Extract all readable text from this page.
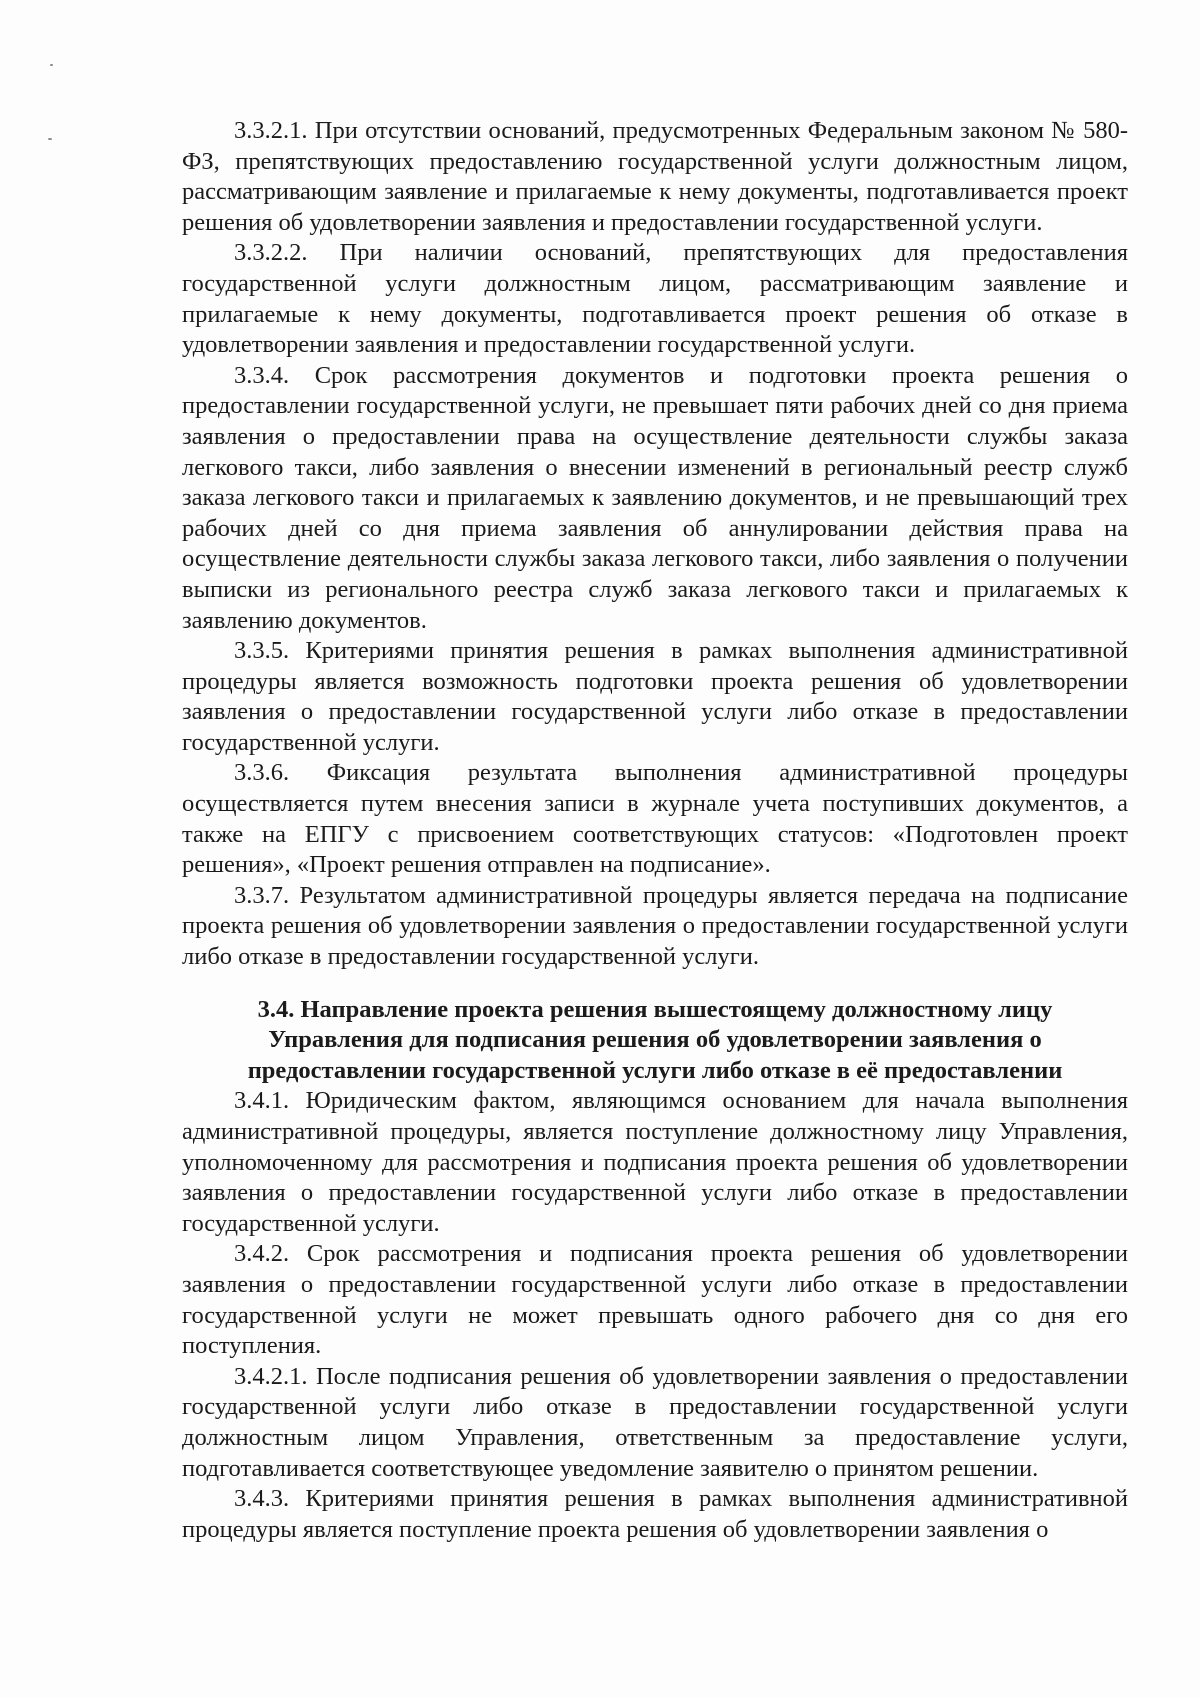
3.3.2.1. При отсутствии оснований, предусмотренных Федеральным законом № 580-ФЗ, препятствующих предоставлению государственной услуги должностным лицом, рассматривающим заявление и прилагаемые к нему документы, подготавливается проект решения об удовлетворении заявления и предоставлении государственной услуги.

3.3.2.2. При наличии оснований, препятствующих для предоставления государственной услуги должностным лицом, рассматривающим заявление и прилагаемые к нему документы, подготавливается проект решения об отказе в удовлетворении заявления и предоставлении государственной услуги.

3.3.4. Срок рассмотрения документов и подготовки проекта решения о предоставлении государственной услуги, не превышает пяти рабочих дней со дня приема заявления о предоставлении права на осуществление деятельности службы заказа легкового такси, либо заявления о внесении изменений в региональный реестр служб заказа легкового такси и прилагаемых к заявлению документов, и не превышающий трех рабочих дней со дня приема заявления об аннулировании действия права на осуществление деятельности службы заказа легкового такси, либо заявления о получении выписки из регионального реестра служб заказа легкового такси и прилагаемых к заявлению документов.

3.3.5. Критериями принятия решения в рамках выполнения административной процедуры является возможность подготовки проекта решения об удовлетворении заявления о предоставлении государственной услуги либо отказе в предоставлении государственной услуги.

3.3.6. Фиксация результата выполнения административной процедуры осуществляется путем внесения записи в журнале учета поступивших документов, а также на ЕПГУ с присвоением соответствующих статусов: «Подготовлен проект решения», «Проект решения отправлен на подписание».

3.3.7. Результатом административной процедуры является передача на подписание проекта решения об удовлетворении заявления о предоставлении государственной услуги либо отказе в предоставлении государственной услуги.

3.4. Направление проекта решения вышестоящему должностному лицу
Управления для подписания решения об удовлетворении заявления о
предоставлении государственной услуги либо отказе в её предоставлении

3.4.1. Юридическим фактом, являющимся основанием для начала выполнения административной процедуры, является поступление должностному лицу Управления, уполномоченному для рассмотрения и подписания проекта решения об удовлетворении заявления о предоставлении государственной услуги либо отказе в предоставлении государственной услуги.

3.4.2. Срок рассмотрения и подписания проекта решения об удовлетворении заявления о предоставлении государственной услуги либо отказе в предоставлении государственной услуги не может превышать одного рабочего дня со дня его поступления.

3.4.2.1. После подписания решения об удовлетворении заявления о предоставлении государственной услуги либо отказе в предоставлении государственной услуги должностным лицом Управления, ответственным за предоставление услуги, подготавливается соответствующее уведомление заявителю о принятом решении.

3.4.3. Критериями принятия решения в рамках выполнения административной процедуры является поступление проекта решения об удовлетворении заявления о
